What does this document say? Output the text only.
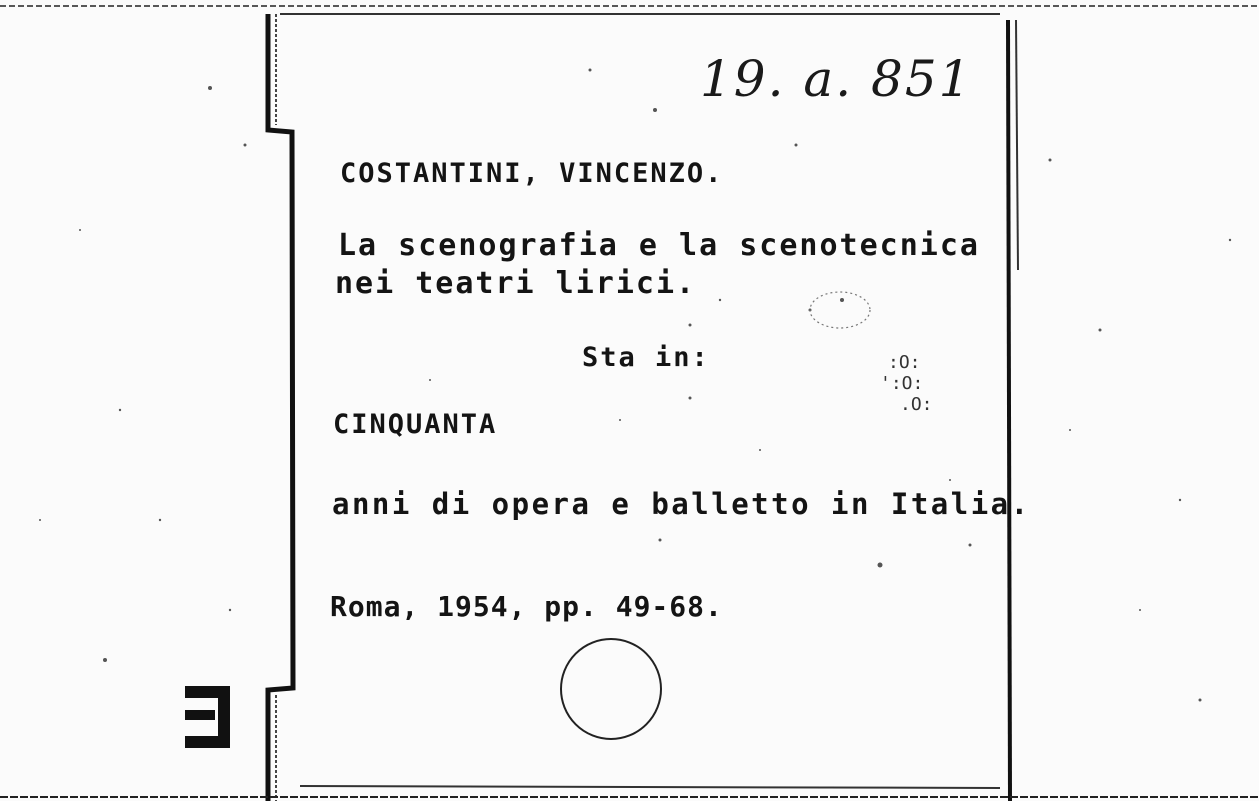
:O:
':O:
.O:
19. a. 851
COSTANTINI, VINCENZO.
La scenografia e la scenotecnica
nei teatri lirici.
Sta in:
CINQUANTA
anni di opera e balletto in Italia.
Roma, 1954, pp. 49-68.
